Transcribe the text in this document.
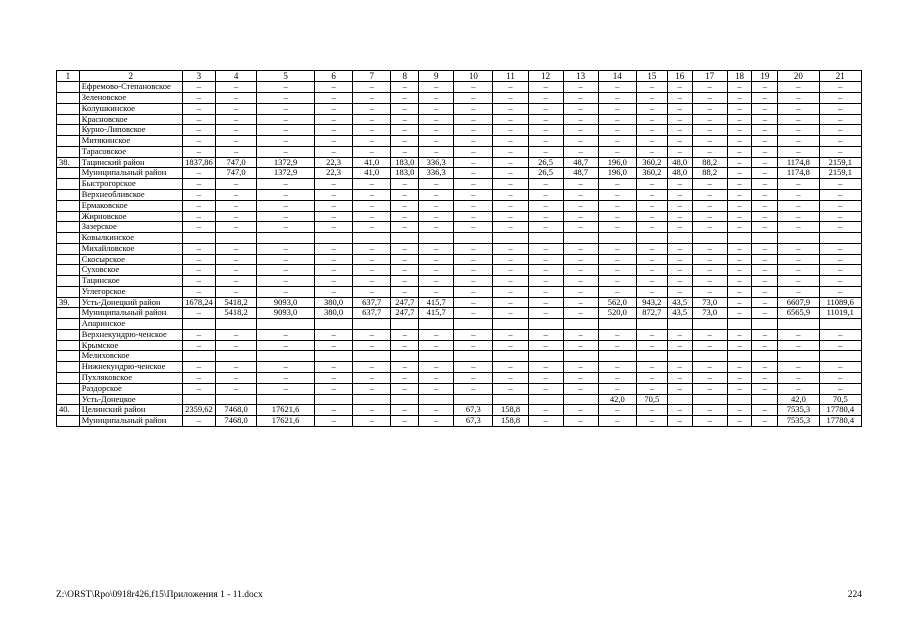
1	2	3	4	5	6	7	8	9	10	11	12	13	14	15	16	17	18	19	20	21
	Ефремово-Степановское	–	–	–	–	–	–	–	–	–	–	–	–	–	–	–	–	–	–	–
	Зеленовское	–	–	–	–	–	–	–	–	–	–	–	–	–	–	–	–	–	–	–
	Колушкинское	–	–	–	–	–	–	–	–	–	–	–	–	–	–	–	–	–	–	–
	Красновское	–	–	–	–	–	–	–	–	–	–	–	–	–	–	–	–	–	–	–
	Курно-Липовское	–	–	–	–	–	–	–	–	–	–	–	–	–	–	–	–	–	–	–
	Митякинское	–	–	–	–	–	–	–	–	–	–	–	–	–	–	–	–	–	–	–
	Тарасовское	–	–	–	–	–	–	–	–	–	–	–	–	–	–	–	–	–	–	–
38.	Тацинский район	1837,86	747,0	1372,9	22,3	41,0	183,0	336,3	–	–	26,5	48,7	196,0	360,2	48,0	88,2	–	–	1174,8	2159,1
	Муниципальный район	–	747,0	1372,9	22,3	41,0	183,0	336,3	–	–	26,5	48,7	196,0	360,2	48,0	88,2	–	–	1174,8	2159,1
	Быстрогорское	–	–	–	–	–	–	–	–	–	–	–	–	–	–	–	–	–	–	–
	Верхнеобливское	–	–	–	–	–	–	–	–	–	–	–	–	–	–	–	–	–	–	–
	Ермаковское	–	–	–	–	–	–	–	–	–	–	–	–	–	–	–	–	–	–	–
	Жирновское	–	–	–	–	–	–	–	–	–	–	–	–	–	–	–	–	–	–	–
	Зазерское	–	–	–	–	–	–	–	–	–	–	–	–	–	–	–	–	–	–	–
	Ковылкинское																			
	Михайловское	–	–	–	–	–	–	–	–	–	–	–	–	–	–	–	–	–	–	–
	Скосырское	–	–	–	–	–	–	–	–	–	–	–	–	–	–	–	–	–	–	–
	Суховское	–	–	–	–	–	–	–	–	–	–	–	–	–	–	–	–	–	–	–
	Тацинское	–	–	–	–	–	–	–	–	–	–	–	–	–	–	–	–	–	–	–
	Углегорское	–	–	–	–	–	–	–	–	–	–	–	–	–	–	–	–	–	–	–
39.	Усть-Донецкий район	1678,24	5418,2	9093,0	380,0	637,7	247,7	415,7	–	–	–	–	562,0	943,2	43,5	73,0	–	–	6607,9	11089,6
	Муниципальный район	–	5418,2	9093,0	380,0	637,7	247,7	415,7	–	–	–	–	520,0	872,7	43,5	73,0	–	–	6565,9	11019,1
	Апаринское																			
	Верхнекундрю-ченское	–	–	–	–	–	–	–	–	–	–	–	–	–	–	–	–	–	–	–
	Крымское	–	–	–	–	–	–	–	–	–	–	–	–	–	–	–	–	–	–	–
	Мелиховское																			
	Нижнекундрю-ченское	–	–	–	–	–	–	–	–	–	–	–	–	–	–	–	–	–	–	–
	Пухляковское	–	–	–	–	–	–	–	–	–	–	–	–	–	–	–	–	–	–	–
	Раздорское	–	–	–	–	–	–	–	–	–	–	–	–	–	–	–	–	–	–	–
	Усть-Донецкое												42,0	70,5					42,0	70,5
40.	Целинский район	2359,62	7468,0	17621,6	–	–	–	–	67,3	158,8	–	–	–	–	–	–	–	–	7535,3	17780,4
	Муниципальный район	–	7468,0	17621,6	–	–	–	–	67,3	158,8	–	–	–	–	–	–	–	–	7535,3	17780,4
Z:\ORST\Rpo\0918r426.f15\Приложения 1 - 11.docx	224
